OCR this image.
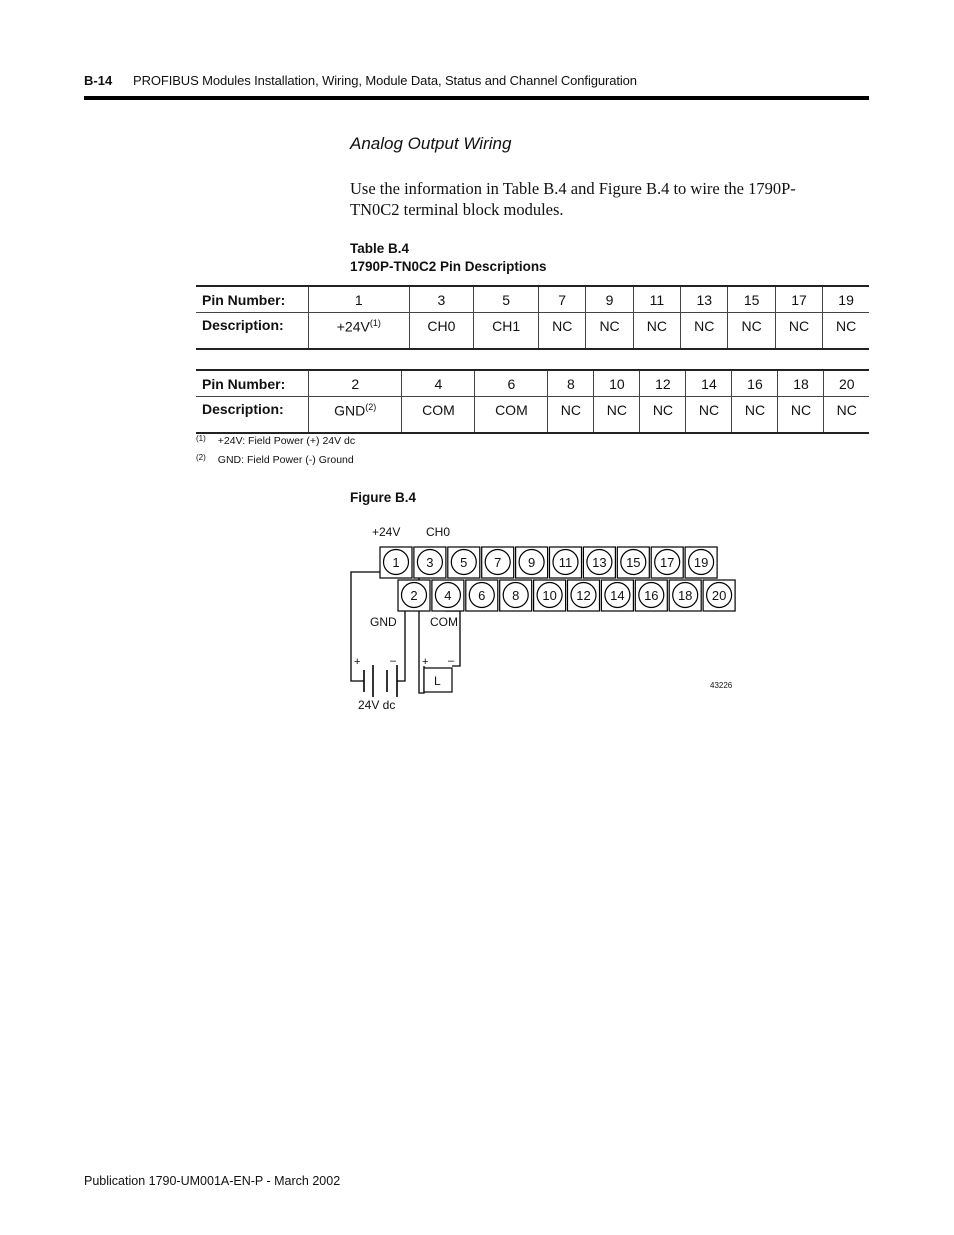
B-14 PROFIBUS Modules Installation, Wiring, Module Data, Status and Channel Configuration
Analog Output Wiring
Use the information in Table B.4 and Figure B.4 to wire the 1790P-TN0C2 terminal block modules.
Table B.4
1790P-TN0C2 Pin Descriptions
Pin Number:	1	3	5	7	9	11	13	15	17	19
Description:	$+24V^{(1)}$	CH0	CH1	NC	NC	NC	NC	NC	NC	NC
Pin Number:	2	4	6	8	10	12	14	16	18	20
Description:	GND$^{(2)}$	COM	COM	NC	NC	NC	NC	NC	NC	NC
$^{(1)}$ +24V: Field Power (+) 24V dc
$^{(2)}$ GND: Field Power (-) Ground
Figure B.4
1 3 5 7 9 11 13 15 17 19
2 4 6 8 10 12 14 16 18 20
+24V CH0
GND	COM
+	– + –
L
24V dc
43226
Publication 1790-UM001A-EN-P - March 2002
